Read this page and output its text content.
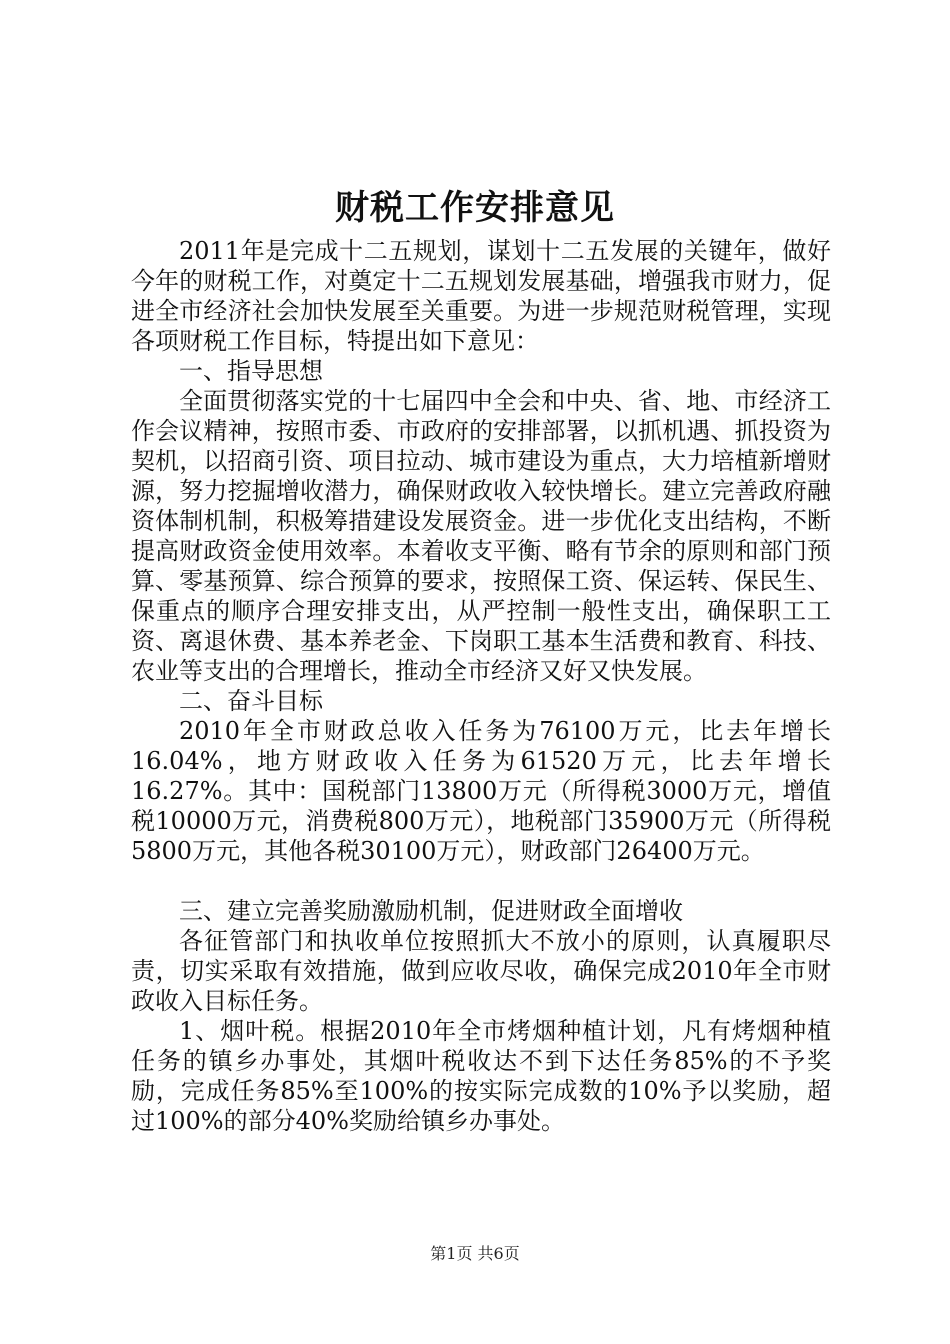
财税工作安排意见

2011年是完成十二五规划，谋划十二五发展的关键年，做好今年的财税工作，对奠定十二五规划发展基础，增强我市财力，促进全市经济社会加快发展至关重要。为进一步规范财税管理，实现各项财税工作目标，特提出如下意见：

一、指导思想

全面贯彻落实党的十七届四中全会和中央、省、地、市经济工作会议精神，按照市委、市政府的安排部署，以抓机遇、抓投资为契机，以招商引资、项目拉动、城市建设为重点，大力培植新增财源，努力挖掘增收潜力，确保财政收入较快增长。建立完善政府融资体制机制，积极筹措建设发展资金。进一步优化支出结构，不断提高财政资金使用效率。本着收支平衡、略有节余的原则和部门预算、零基预算、综合预算的要求，按照保工资、保运转、保民生、保重点的顺序合理安排支出，从严控制一般性支出，确保职工工资、离退休费、基本养老金、下岗职工基本生活费和教育、科技、农业等支出的合理增长，推动全市经济又好又快发展。

二、奋斗目标

2010年全市财政总收入任务为76100万元，比去年增长16.04%，地方财政收入任务为61520万元，比去年增长16.27%。其中：国税部门13800万元（所得税3000万元，增值税10000万元，消费税800万元），地税部门35900万元（所得税5800万元，其他各税30100万元），财政部门26400万元。

三、建立完善奖励激励机制，促进财政全面增收

各征管部门和执收单位按照抓大不放小的原则，认真履职尽责，切实采取有效措施，做到应收尽收，确保完成2010年全市财政收入目标任务。

1、烟叶税。根据2010年全市烤烟种植计划，凡有烤烟种植任务的镇乡办事处，其烟叶税收达不到下达任务85%的不予奖励，完成任务85%至100%的按实际完成数的10%予以奖励，超过100%的部分40%奖励给镇乡办事处。

第1页 共6页
